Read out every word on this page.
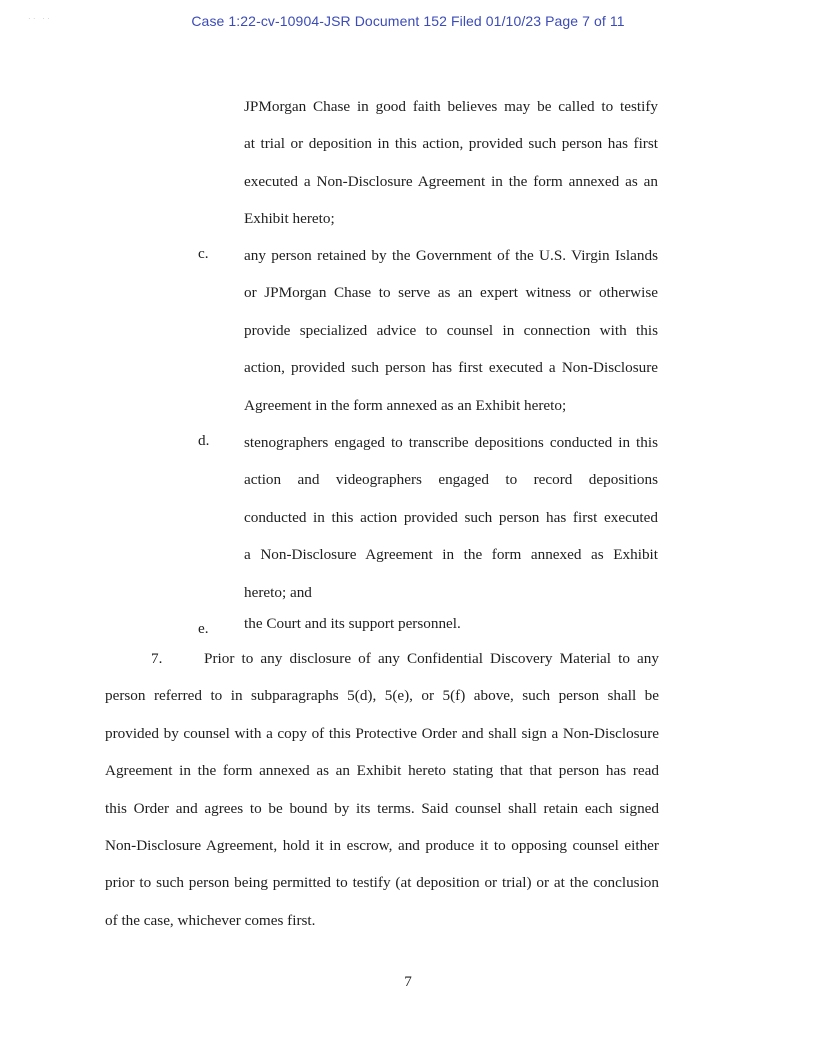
· ·   · ·	Case 1:22-cv-10904-JSR Document 152 Filed 01/10/23 Page 7 of 11
JPMorgan Chase in good faith believes may be called to testify
at trial or deposition in this action, provided such person has first
executed a Non-Disclosure Agreement in the form annexed as an
Exhibit hereto;
c. any person retained by the Government of the U.S. Virgin Islands
or JPMorgan Chase to serve as an expert witness or otherwise
provide specialized advice to counsel in connection with this
action, provided such person has first executed a Non-Disclosure
Agreement in the form annexed as an Exhibit hereto;
d. stenographers engaged to transcribe depositions conducted in this
action and videographers engaged to record depositions
conducted in this action provided such person has first executed
a Non-Disclosure Agreement in the form annexed as Exhibit
hereto; and
e. the Court and its support personnel.
7.	Prior to any disclosure of any Confidential Discovery Material to any
person referred to in subparagraphs 5(d), 5(e), or 5(f) above, such person shall be
provided by counsel with a copy of this Protective Order and shall sign a Non-Disclosure
Agreement in the form annexed as an Exhibit hereto stating that that person has read
this Order and agrees to be bound by its terms. Said counsel shall retain each signed
Non-Disclosure Agreement, hold it in escrow, and produce it to opposing counsel either
prior to such person being permitted to testify (at deposition or trial) or at the conclusion
of the case, whichever comes first.
7
